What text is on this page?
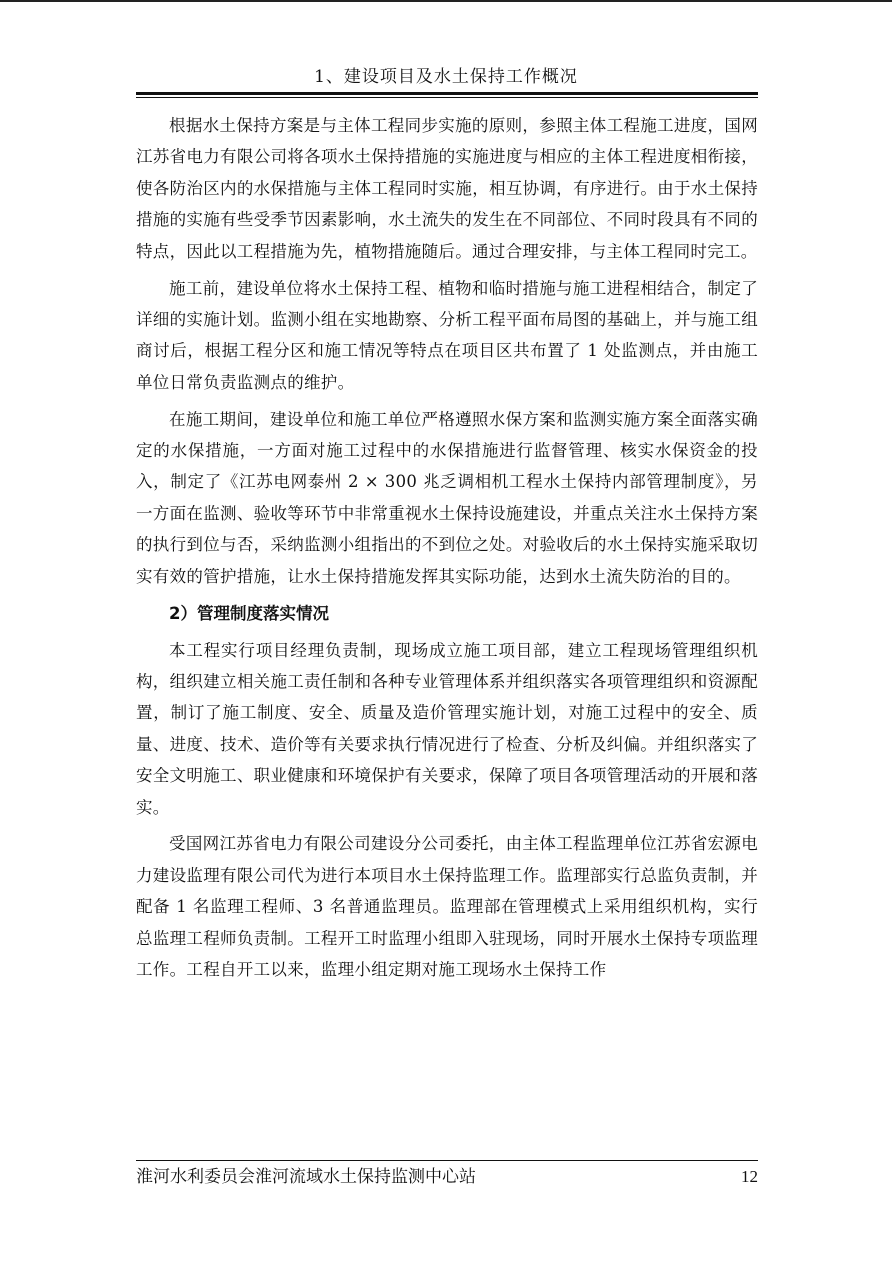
1、建设项目及水土保持工作概况

根据水土保持方案是与主体工程同步实施的原则，参照主体工程施工进度，国网江苏省电力有限公司将各项水土保持措施的实施进度与相应的主体工程进度相衔接，使各防治区内的水保措施与主体工程同时实施，相互协调，有序进行。由于水土保持措施的实施有些受季节因素影响，水土流失的发生在不同部位、不同时段具有不同的特点，因此以工程措施为先，植物措施随后。通过合理安排，与主体工程同时完工。

施工前，建设单位将水土保持工程、植物和临时措施与施工进程相结合，制定了详细的实施计划。监测小组在实地勘察、分析工程平面布局图的基础上，并与施工组商讨后，根据工程分区和施工情况等特点在项目区共布置了 1 处监测点，并由施工单位日常负责监测点的维护。

在施工期间，建设单位和施工单位严格遵照水保方案和监测实施方案全面落实确定的水保措施，一方面对施工过程中的水保措施进行监督管理、核实水保资金的投入，制定了《江苏电网泰州 2 × 300 兆乏调相机工程水土保持内部管理制度》，另一方面在监测、验收等环节中非常重视水土保持设施建设，并重点关注水土保持方案的执行到位与否，采纳监测小组指出的不到位之处。对验收后的水土保持实施采取切实有效的管护措施，让水土保持措施发挥其实际功能，达到水土流失防治的目的。

2）管理制度落实情况

本工程实行项目经理负责制，现场成立施工项目部，建立工程现场管理组织机构，组织建立相关施工责任制和各种专业管理体系并组织落实各项管理组织和资源配置，制订了施工制度、安全、质量及造价管理实施计划，对施工过程中的安全、质量、进度、技术、造价等有关要求执行情况进行了检查、分析及纠偏。并组织落实了安全文明施工、职业健康和环境保护有关要求，保障了项目各项管理活动的开展和落实。

受国网江苏省电力有限公司建设分公司委托，由主体工程监理单位江苏省宏源电力建设监理有限公司代为进行本项目水土保持监理工作。监理部实行总监负责制，并配备 1 名监理工程师、3 名普通监理员。监理部在管理模式上采用组织机构，实行总监理工程师负责制。工程开工时监理小组即入驻现场，同时开展水土保持专项监理工作。工程自开工以来，监理小组定期对施工现场水土保持工作

淮河水利委员会淮河流域水土保持监测中心站	12
